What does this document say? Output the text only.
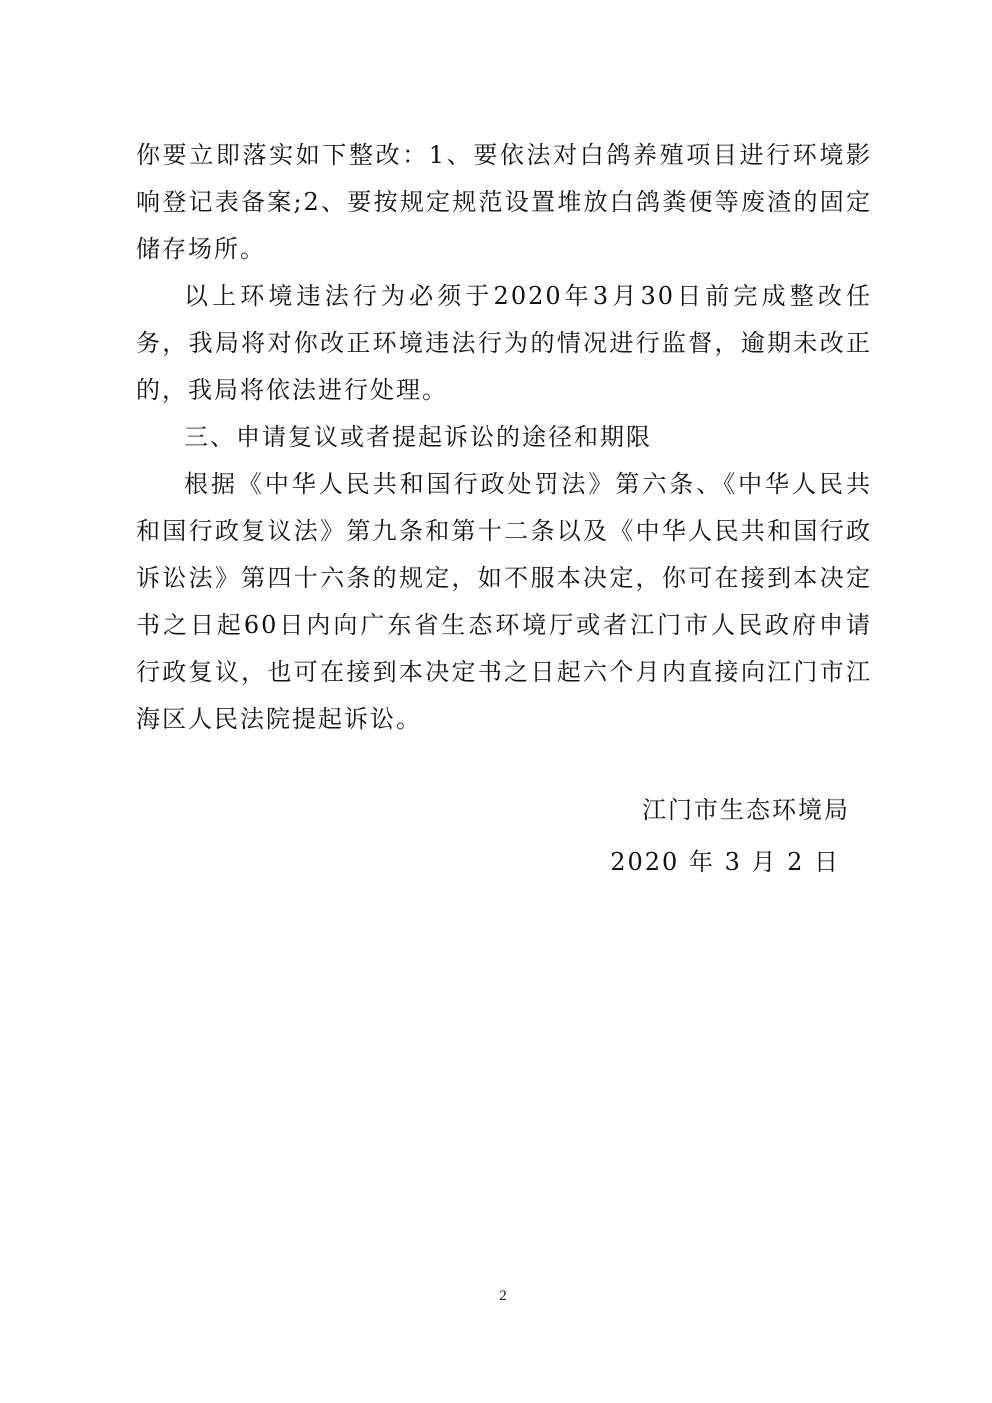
你要立即落实如下整改：1、要依法对白鸽养殖项目进行环境影响登记表备案;2、要按规定规范设置堆放白鸽粪便等废渣的固定储存场所。

以上环境违法行为必须于2020年3月30日前完成整改任务，我局将对你改正环境违法行为的情况进行监督，逾期未改正的，我局将依法进行处理。

三、申请复议或者提起诉讼的途径和期限

根据《中华人民共和国行政处罚法》第六条、《中华人民共和国行政复议法》第九条和第十二条以及《中华人民共和国行政诉讼法》第四十六条的规定，如不服本决定，你可在接到本决定书之日起60日内向广东省生态环境厅或者江门市人民政府申请行政复议，也可在接到本决定书之日起六个月内直接向江门市江海区人民法院提起诉讼。

江门市生态环境局
2020 年 3 月 2 日
2
